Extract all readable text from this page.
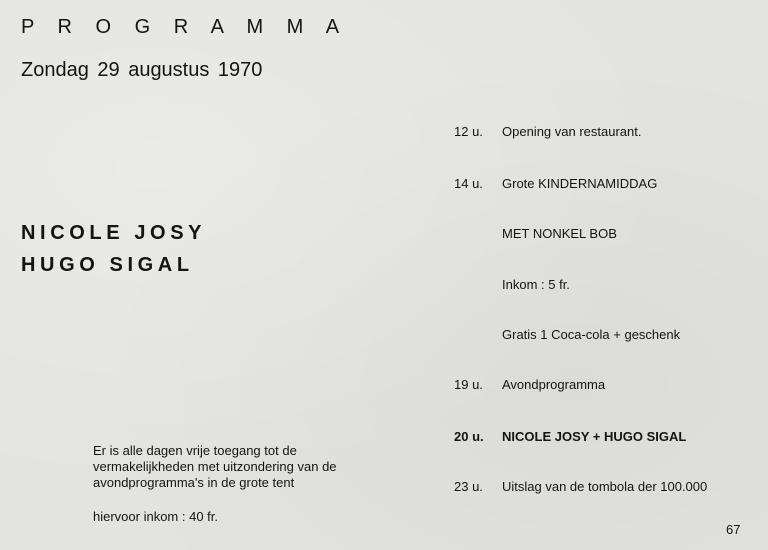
P R O G R A M M A
Zondag 29 augustus 1970
NICOLE JOSY
HUGO SIGAL
Er is alle dagen vrije toegang tot de
vermakelijkheden met uitzondering van de
avondprogramma's in de grote tent
hiervoor inkom : 40 fr.
12 u. Opening van restaurant.
14 u. Grote KINDERNAMIDDAG
MET NONKEL BOB
Inkom : 5 fr.
Gratis 1 Coca-cola + geschenk
19 u. Avondprogramma
20 u. NICOLE JOSY + HUGO SIGAL
23 u. Uitslag van de tombola der 100.000
67
